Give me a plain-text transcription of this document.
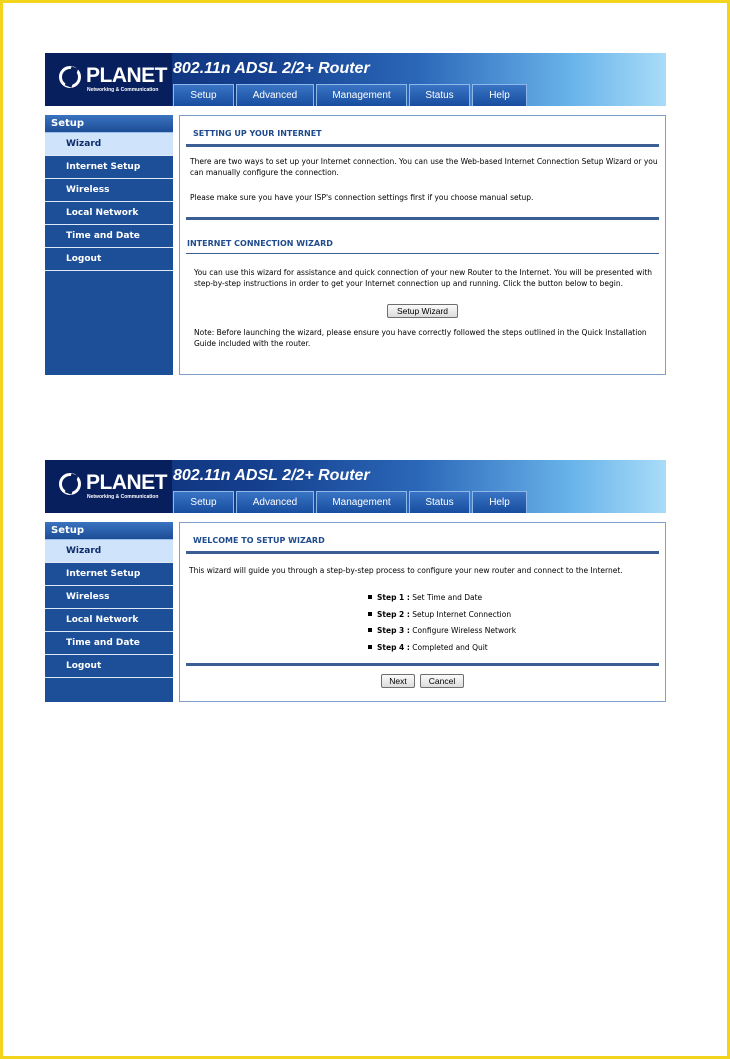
PLANET
Networking & Communication
802.11n ADSL 2/2+ Router
Setup	Advanced	Management	Status	Help
Setup
Wizard
Internet Setup
Wireless
Local Network
Time and Date
Logout
SETTING UP YOUR INTERNET
There are two ways to set up your Internet connection. You can use the Web-based Internet Connection Setup Wizard or you can manually configure the connection.
Please make sure you have your ISP's connection settings first if you choose manual setup.
INTERNET CONNECTION WIZARD
You can use this wizard for assistance and quick connection of your new Router to the Internet. You will be presented with step-by-step instructions in order to get your Internet connection up and running. Click the button below to begin.
Setup Wizard
Note: Before launching the wizard, please ensure you have correctly followed the steps outlined in the Quick Installation Guide included with the router.
PLANET
Networking & Communication
802.11n ADSL 2/2+ Router
Setup	Advanced	Management	Status	Help
Setup
Wizard
Internet Setup
Wireless
Local Network
Time and Date
Logout
WELCOME TO SETUP WIZARD
This wizard will guide you through a step-by-step process to configure your new router and connect to the Internet.
Step 1 : Set Time and Date
Step 2 : Setup Internet Connection
Step 3 : Configure Wireless Network
Step 4 : Completed and Quit
Next	Cancel
